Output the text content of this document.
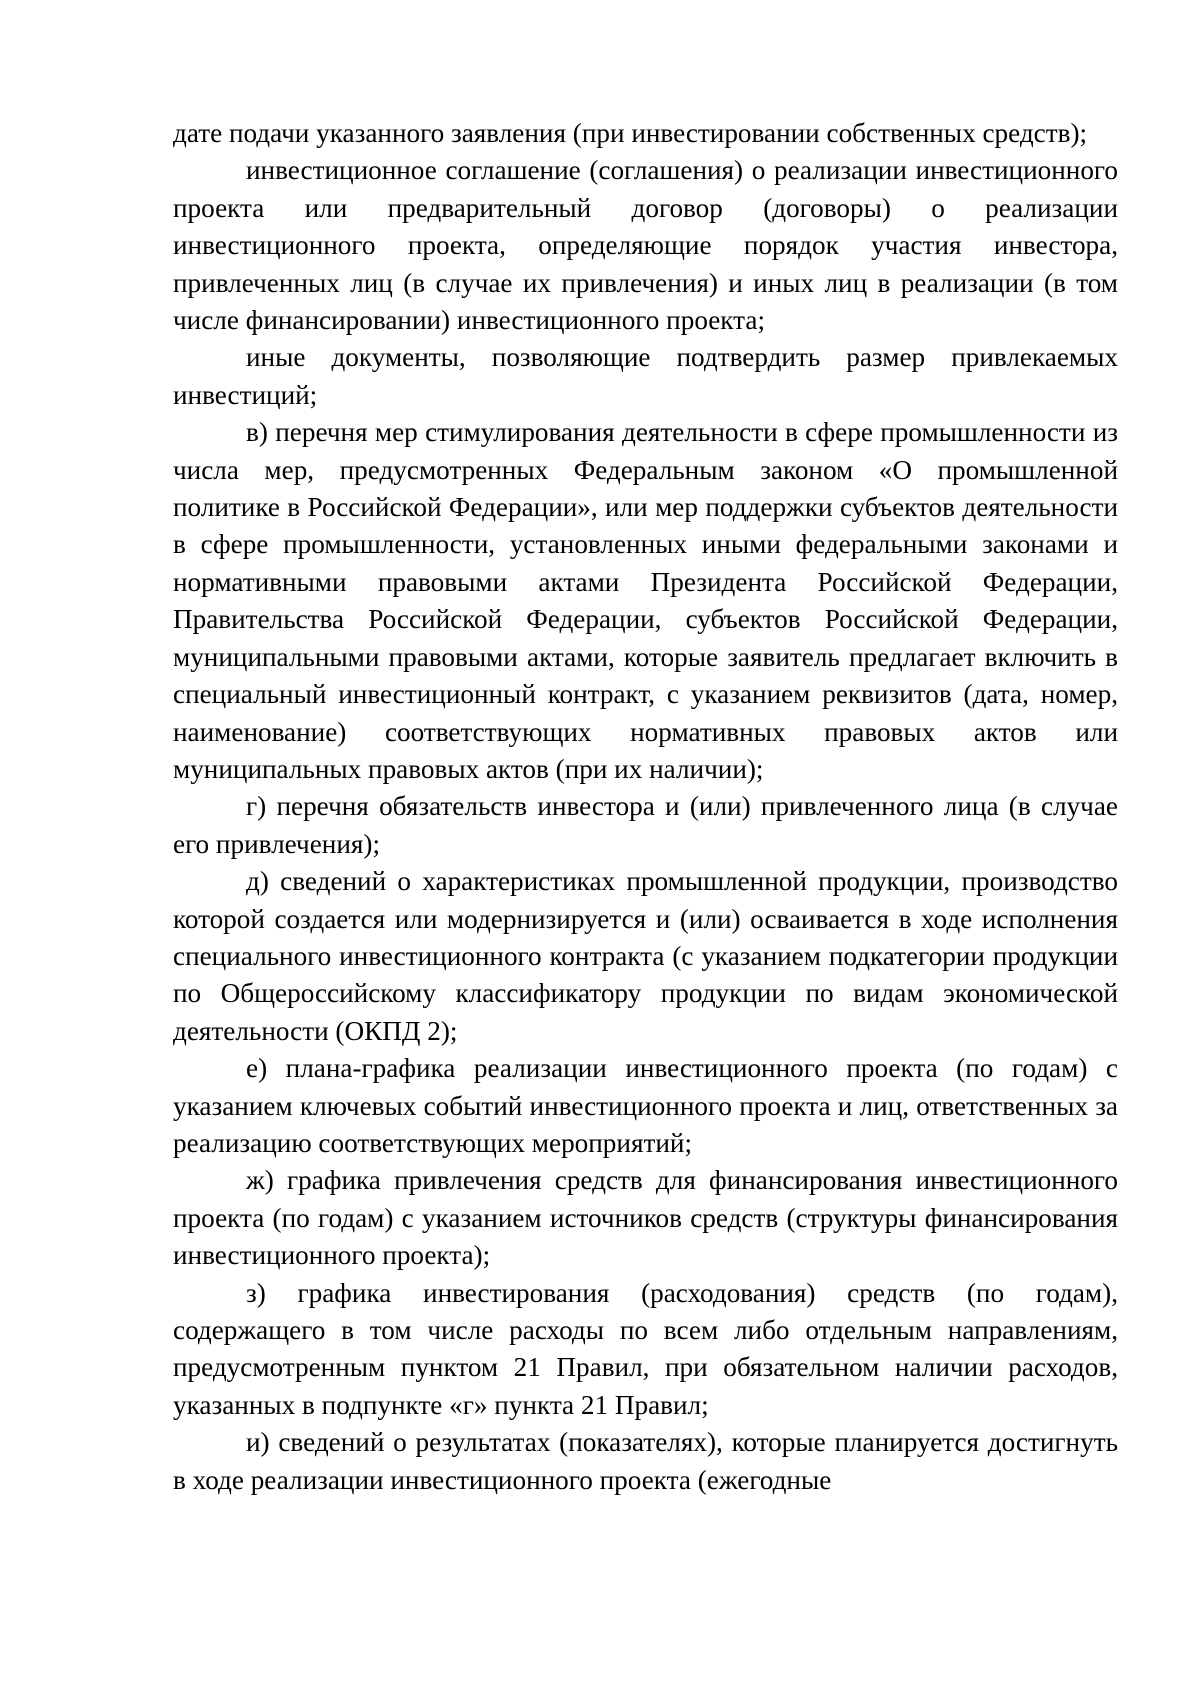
дате подачи указанного заявления (при инвестировании собственных средств);

инвестиционное соглашение (соглашения) о реализации инвестиционного проекта или предварительный договор (договоры) о реализации инвестиционного проекта, определяющие порядок участия инвестора, привлеченных лиц (в случае их привлечения) и иных лиц в реализации (в том числе финансировании) инвестиционного проекта;

иные документы, позволяющие подтвердить размер привлекаемых инвестиций;

в) перечня мер стимулирования деятельности в сфере промышленности из числа мер, предусмотренных Федеральным законом «О промышленной политике в Российской Федерации», или мер поддержки субъектов деятельности в сфере промышленности, установленных иными федеральными законами и нормативными правовыми актами Президента Российской Федерации, Правительства Российской Федерации, субъектов Российской Федерации, муниципальными правовыми актами, которые заявитель предлагает включить в специальный инвестиционный контракт, с указанием реквизитов (дата, номер, наименование) соответствующих нормативных правовых актов или муниципальных правовых актов (при их наличии);

г) перечня обязательств инвестора и (или) привлеченного лица (в случае его привлечения);

д) сведений о характеристиках промышленной продукции, производство которой создается или модернизируется и (или) осваивается в ходе исполнения специального инвестиционного контракта (с указанием подкатегории продукции по Общероссийскому классификатору продукции по видам экономической деятельности (ОКПД 2);

е) плана-графика реализации инвестиционного проекта (по годам) с указанием ключевых событий инвестиционного проекта и лиц, ответственных за реализацию соответствующих мероприятий;

ж) графика привлечения средств для финансирования инвестиционного проекта (по годам) с указанием источников средств (структуры финансирования инвестиционного проекта);

з) графика инвестирования (расходования) средств (по годам), содержащего в том числе расходы по всем либо отдельным направлениям, предусмотренным пунктом 21 Правил, при обязательном наличии расходов, указанных в подпункте «г» пункта 21 Правил;

и) сведений о результатах (показателях), которые планируется достигнуть в ходе реализации инвестиционного проекта (ежегодные
